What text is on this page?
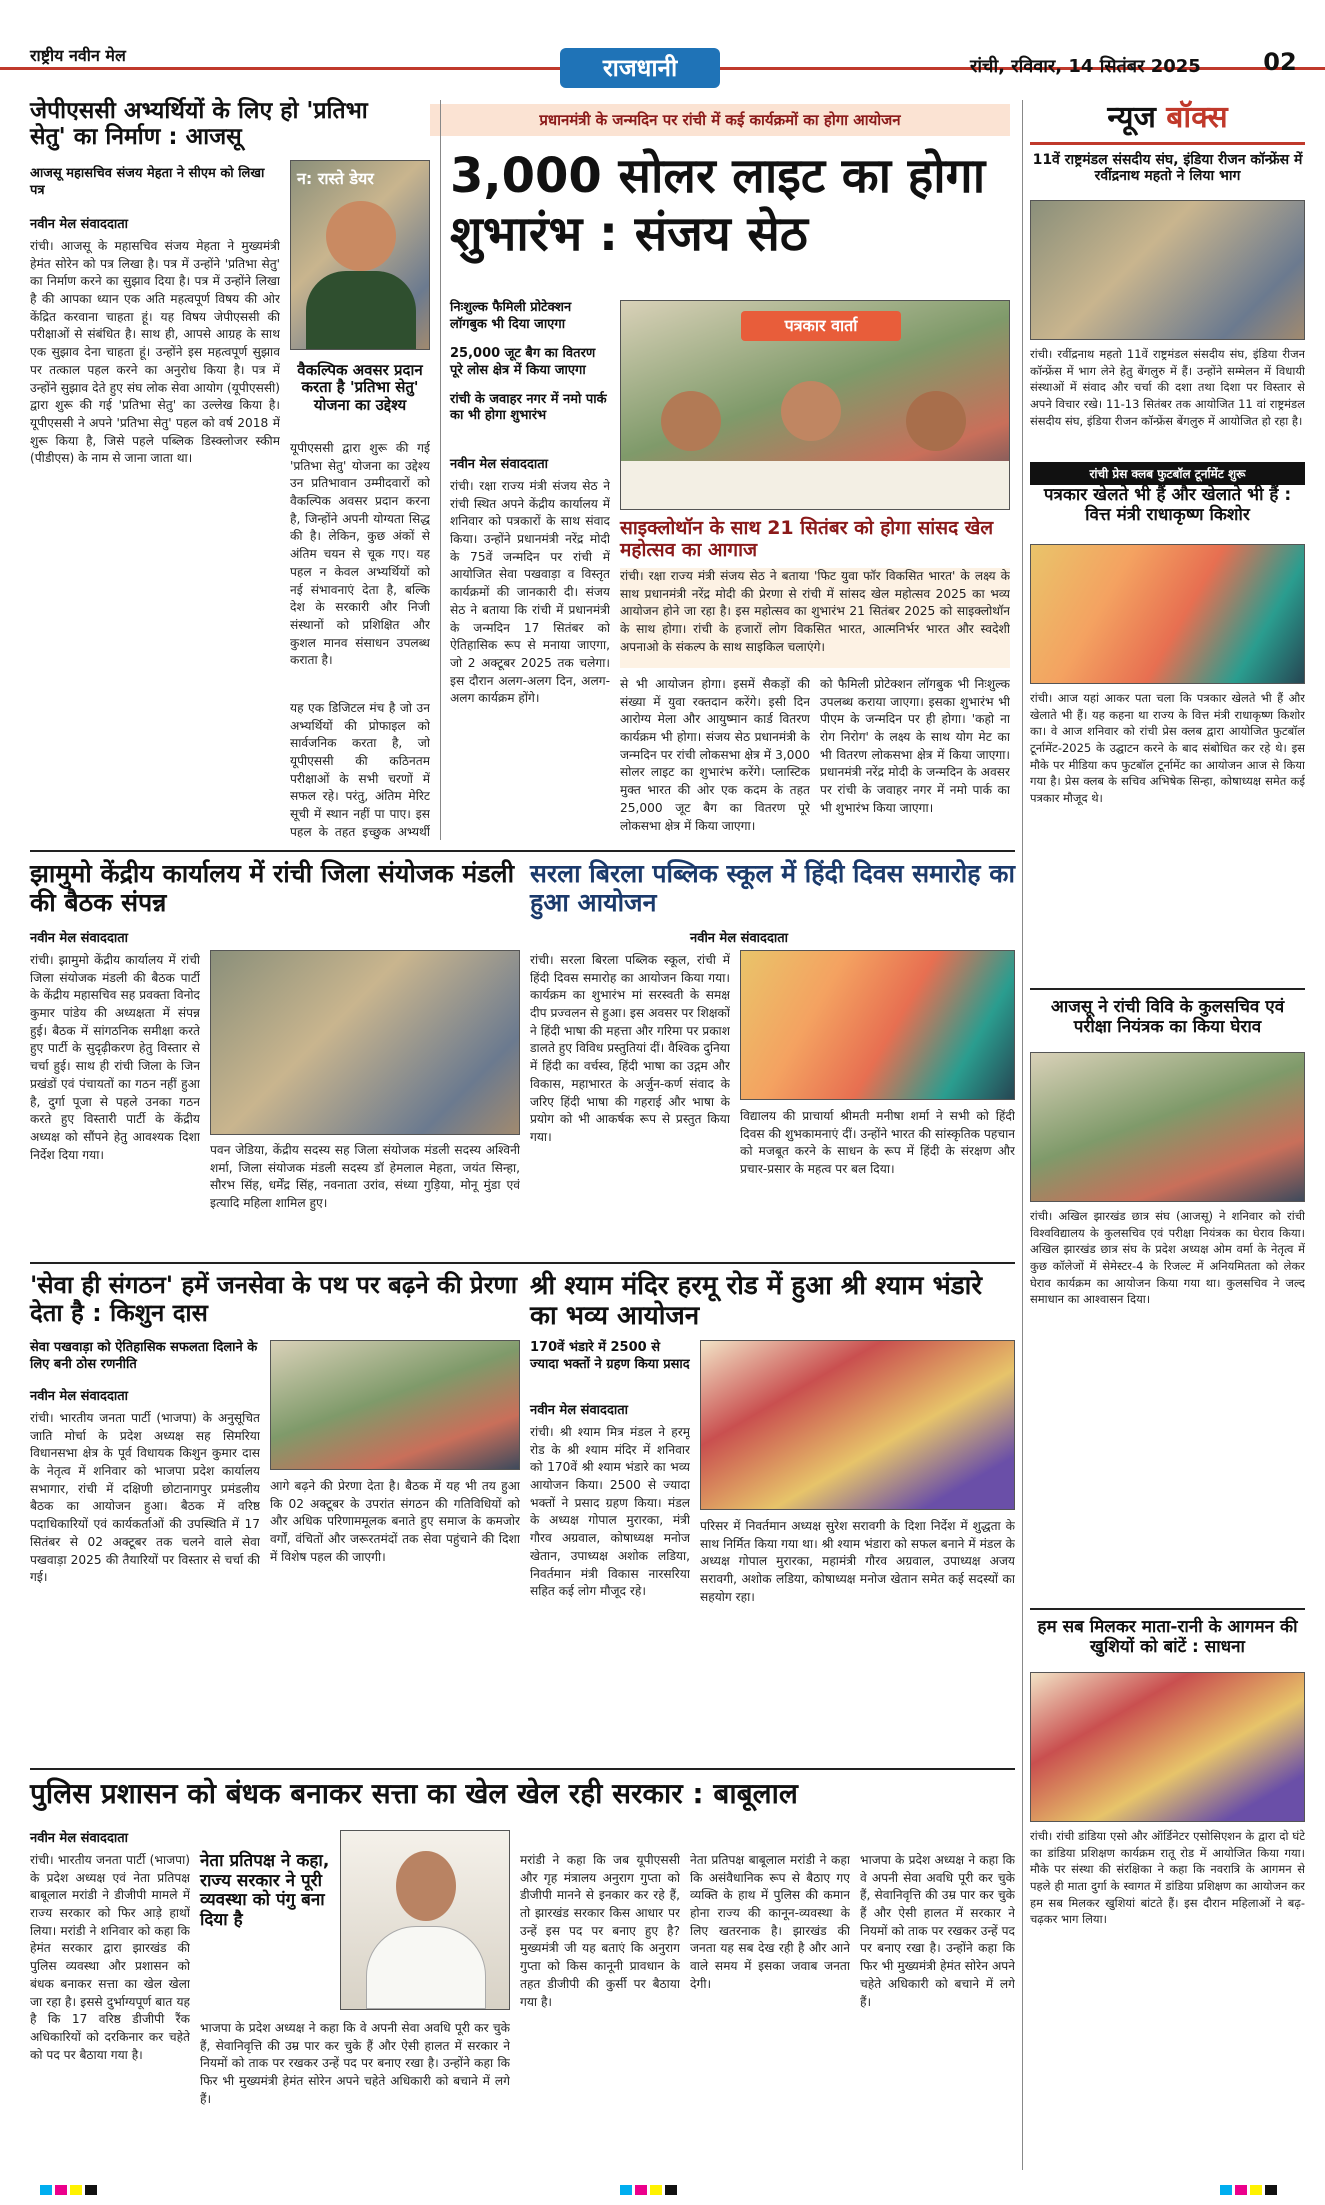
राष्ट्रीय नवीन मेल	राजधानी	रांची, रविवार, 14 सितंबर 2025	02
प्रधानमंत्री के जन्मदिन पर रांची में कई कार्यक्रमों का होगा आयोजन
जेपीएससी अभ्यर्थियों के लिए हो 'प्रतिभा सेतु' का निर्माण : आजसू
आजसू महासचिव संजय मेहता ने सीएम को लिखा पत्र
नवीन मेल संवाददाता
न: रास्ते डेयर
रांची। आजसू के महासचिव संजय मेहता ने मुख्यमंत्री हेमंत सोरेन को पत्र लिखा है। पत्र में उन्होंने 'प्रतिभा सेतु' का निर्माण करने का सुझाव दिया है। पत्र में उन्होंने लिखा है की आपका ध्यान एक अति महत्वपूर्ण विषय की ओर केंद्रित करवाना चाहता हूं। यह विषय जेपीएससी की परीक्षाओं से संबंधित है। साथ ही, आपसे आग्रह के साथ एक सुझाव देना चाहता हूं। उन्होंने इस महत्वपूर्ण सुझाव पर तत्काल पहल करने का अनुरोध किया है। पत्र में उन्होंने सुझाव देते हुए संघ लोक सेवा आयोग (यूपीएससी) द्वारा शुरू की गई 'प्रतिभा सेतु' का उल्लेख किया है। यूपीएससी ने अपने 'प्रतिभा सेतु' पहल को वर्ष 2018 में शुरू किया है, जिसे पहले पब्लिक डिस्क्लोजर स्कीम (पीडीएस) के नाम से जाना जाता था।
वैकल्पिक अवसर प्रदान करता है 'प्रतिभा सेतु' योजना का उद्देश्य
यूपीएससी द्वारा शुरू की गई 'प्रतिभा सेतु' योजना का उद्देश्य उन प्रतिभावान उम्मीदवारों को वैकल्पिक अवसर प्रदान करना है, जिन्होंने अपनी योग्यता सिद्ध की है। लेकिन, कुछ अंकों से अंतिम चयन से चूक गए। यह पहल न केवल अभ्यर्थियों को नई संभावनाएं देता है, बल्कि देश के सरकारी और निजी संस्थानों को प्रशिक्षित और कुशल मानव संसाधन उपलब्ध कराता है।
यह एक डिजिटल मंच है जो उन अभ्यर्थियों की प्रोफाइल को सार्वजनिक करता है, जो यूपीएससी की कठिनतम परीक्षाओं के सभी चरणों में सफल रहे। परंतु, अंतिम मेरिट सूची में स्थान नहीं पा पाए। इस पहल के तहत इच्छुक अभ्यर्थी
3,000 सोलर लाइट का होगा शुभारंभ : संजय सेठ
निःशुल्क फैमिली प्रोटेक्शन लॉगबुक भी दिया जाएगा
25,000 जूट बैग का वितरण पूरे लोस क्षेत्र में किया जाएगा
रांची के जवाहर नगर में नमो पार्क का भी होगा शुभारंभ
नवीन मेल संवाददाता
रांची। रक्षा राज्य मंत्री संजय सेठ ने रांची स्थित अपने केंद्रीय कार्यालय में शनिवार को पत्रकारों के साथ संवाद किया। उन्होंने प्रधानमंत्री नरेंद्र मोदी के 75वें जन्मदिन पर रांची में आयोजित सेवा पखवाड़ा व विस्तृत कार्यक्रमों की जानकारी दी। संजय सेठ ने बताया कि रांची में प्रधानमंत्री के जन्मदिन 17 सितंबर को ऐतिहासिक रूप से मनाया जाएगा, जो 2 अक्टूबर 2025 तक चलेगा। इस दौरान अलग-अलग दिन, अलग-अलग कार्यक्रम होंगे।
पत्रकार वार्ता
साइक्लोथॉन के साथ 21 सितंबर को होगा सांसद खेल महोत्सव का आगाज
रांची। रक्षा राज्य मंत्री संजय सेठ ने बताया 'फिट युवा फॉर विकसित भारत' के लक्ष्य के साथ प्रधानमंत्री नरेंद्र मोदी की प्रेरणा से रांची में सांसद खेल महोत्सव 2025 का भव्य आयोजन होने जा रहा है। इस महोत्सव का शुभारंभ 21 सितंबर 2025 को साइक्लोथॉन के साथ होगा। रांची के हजारों लोग विकसित भारत, आत्मनिर्भर भारत और स्वदेशी अपनाओ के संकल्प के साथ साइकिल चलाएंगे।
से भी आयोजन होगा। इसमें सैकड़ों की संख्या में युवा रक्तदान करेंगे। इसी दिन आरोग्य मेला और आयुष्मान कार्ड वितरण कार्यक्रम भी होगा। संजय सेठ प्रधानमंत्री के जन्मदिन पर रांची लोकसभा क्षेत्र में 3,000 सोलर लाइट का शुभारंभ करेंगे। प्लास्टिक मुक्त भारत की ओर एक कदम के तहत 25,000 जूट बैग का वितरण पूरे लोकसभा क्षेत्र में किया जाएगा।
को फैमिली प्रोटेक्शन लॉगबुक भी निःशुल्क उपलब्ध कराया जाएगा। इसका शुभारंभ भी पीएम के जन्मदिन पर ही होगा। 'कहो ना रोग निरोग' के लक्ष्य के साथ योग मेट का भी वितरण लोकसभा क्षेत्र में किया जाएगा। प्रधानमंत्री नरेंद्र मोदी के जन्मदिन के अवसर पर रांची के जवाहर नगर में नमो पार्क का भी शुभारंभ किया जाएगा।
झामुमो केंद्रीय कार्यालय में रांची जिला संयोजक मंडली की बैठक संपन्न
नवीन मेल संवाददाता
रांची। झामुमो केंद्रीय कार्यालय में रांची जिला संयोजक मंडली की बैठक पार्टी के केंद्रीय महासचिव सह प्रवक्ता विनोद कुमार पांडेय की अध्यक्षता में संपन्न हुई। बैठक में सांगठनिक समीक्षा करते हुए पार्टी के सुदृढ़ीकरण हेतु विस्तार से चर्चा हुई। साथ ही रांची जिला के जिन प्रखंडों एवं पंचायतों का गठन नहीं हुआ है, दुर्गा पूजा से पहले उनका गठन करते हुए विस्तारी पार्टी के केंद्रीय अध्यक्ष को सौंपने हेतु आवश्यक दिशा निर्देश दिया गया।	पवन जेडिया, केंद्रीय सदस्य सह जिला संयोजक मंडली सदस्य अश्विनी शर्मा, जिला संयोजक मंडली सदस्य डॉ हेमलाल मेहता, जयंत सिन्हा, सौरभ सिंह, धर्मेंद्र सिंह, नवनाता उरांव, संध्या गुड़िया, मोनू मुंडा एवं इत्यादि महिला शामिल हुए।
सरला बिरला पब्लिक स्कूल में हिंदी दिवस समारोह का हुआ आयोजन
नवीन मेल संवाददाता
रांची। सरला बिरला पब्लिक स्कूल, रांची में हिंदी दिवस समारोह का आयोजन किया गया। कार्यक्रम का शुभारंभ मां सरस्वती के समक्ष दीप प्रज्वलन से हुआ। इस अवसर पर शिक्षकों ने हिंदी भाषा की महत्ता और गरिमा पर प्रकाश डालते हुए विविध प्रस्तुतियां दीं। वैश्विक दुनिया में हिंदी का वर्चस्व, हिंदी भाषा का उद्गम और विकास, महाभारत के अर्जुन-कर्ण संवाद के जरिए हिंदी भाषा की गहराई और भाषा के प्रयोग को भी आकर्षक रूप से प्रस्तुत किया गया।
विद्यालय की प्राचार्या श्रीमती मनीषा शर्मा ने सभी को हिंदी दिवस की शुभकामनाएं दीं। उन्होंने भारत की सांस्कृतिक पहचान को मजबूत करने के साधन के रूप में हिंदी के संरक्षण और प्रचार-प्रसार के महत्व पर बल दिया।
'सेवा ही संगठन' हमें जनसेवा के पथ पर बढ़ने की प्रेरणा देता है : किशुन दास
सेवा पखवाड़ा को ऐतिहासिक सफलता दिलाने के लिए बनी ठोस रणनीति
नवीन मेल संवाददाता
रांची। भारतीय जनता पार्टी (भाजपा) के अनुसूचित जाति मोर्चा के प्रदेश अध्यक्ष सह सिमरिया विधानसभा क्षेत्र के पूर्व विधायक किशुन कुमार दास के नेतृत्व में शनिवार को भाजपा प्रदेश कार्यालय सभागार, रांची में दक्षिणी छोटानागपुर प्रमंडलीय बैठक का आयोजन हुआ। बैठक में वरिष्ठ पदाधिकारियों एवं कार्यकर्ताओं की उपस्थिति में 17 सितंबर से 02 अक्टूबर तक चलने वाले सेवा पखवाड़ा 2025 की तैयारियों पर विस्तार से चर्चा की गई।
आगे बढ़ने की प्रेरणा देता है। बैठक में यह भी तय हुआ कि 02 अक्टूबर के उपरांत संगठन की गतिविधियों को और अधिक परिणाममूलक बनाते हुए समाज के कमजोर वर्गों, वंचितों और जरूरतमंदों तक सेवा पहुंचाने की दिशा में विशेष पहल की जाएगी।
श्री श्याम मंदिर हरमू रोड में हुआ श्री श्याम भंडारे का भव्य आयोजन
170वें भंडारे में 2500 से ज्यादा भक्तों ने ग्रहण किया प्रसाद
नवीन मेल संवाददाता
रांची। श्री श्याम मित्र मंडल ने हरमू रोड के श्री श्याम मंदिर में शनिवार को 170वें श्री श्याम भंडारे का भव्य आयोजन किया। 2500 से ज्यादा भक्तों ने प्रसाद ग्रहण किया। मंडल के अध्यक्ष गोपाल मुरारका, मंत्री गौरव अग्रवाल, कोषाध्यक्ष मनोज खेतान, उपाध्यक्ष अशोक लडिया, निवर्तमान मंत्री विकास नारसरिया सहित कई लोग मौजूद रहे।
परिसर में निवर्तमान अध्यक्ष सुरेश सरावगी के दिशा निर्देश में शुद्धता के साथ निर्मित किया गया था। श्री श्याम भंडारा को सफल बनाने में मंडल के अध्यक्ष गोपाल मुरारका, महामंत्री गौरव अग्रवाल, उपाध्यक्ष अजय सरावगी, अशोक लडिया, कोषाध्यक्ष मनोज खेतान समेत कई सदस्यों का सहयोग रहा।
पुलिस प्रशासन को बंधक बनाकर सत्ता का खेल खेल रही सरकार : बाबूलाल
नवीन मेल संवाददाता
रांची। भारतीय जनता पार्टी (भाजपा) के प्रदेश अध्यक्ष एवं नेता प्रतिपक्ष बाबूलाल मरांडी ने डीजीपी मामले में राज्य सरकार को फिर आड़े हाथों लिया। मरांडी ने शनिवार को कहा कि हेमंत सरकार द्वारा झारखंड की पुलिस व्यवस्था और प्रशासन को बंधक बनाकर सत्ता का खेल खेला जा रहा है। इससे दुर्भाग्यपूर्ण बात यह है कि 17 वरिष्ठ डीजीपी रैंक अधिकारियों को दरकिनार कर चहेते को पद पर बैठाया गया है।
नेता प्रतिपक्ष ने कहा, राज्य सरकार ने पूरी व्यवस्था को पंगु बना दिया है
भाजपा के प्रदेश अध्यक्ष ने कहा कि वे अपनी सेवा अवधि पूरी कर चुके हैं, सेवानिवृत्ति की उम्र पार कर चुके हैं और ऐसी हालत में सरकार ने नियमों को ताक पर रखकर उन्हें पद पर बनाए रखा है। उन्होंने कहा कि फिर भी मुख्यमंत्री हेमंत सोरेन अपने चहेते अधिकारी को बचाने में लगे हैं।
मरांडी ने कहा कि जब यूपीएससी और गृह मंत्रालय अनुराग गुप्ता को डीजीपी मानने से इनकार कर रहे हैं, तो झारखंड सरकार किस आधार पर उन्हें इस पद पर बनाए हुए है? मुख्यमंत्री जी यह बताएं कि अनुराग गुप्ता को किस कानूनी प्रावधान के तहत डीजीपी की कुर्सी पर बैठाया गया है।
नेता प्रतिपक्ष बाबूलाल मरांडी ने कहा कि असंवैधानिक रूप से बैठाए गए व्यक्ति के हाथ में पुलिस की कमान होना राज्य की कानून-व्यवस्था के लिए खतरनाक है। झारखंड की जनता यह सब देख रही है और आने वाले समय में इसका जवाब जनता देगी।
भाजपा के प्रदेश अध्यक्ष ने कहा कि वे अपनी सेवा अवधि पूरी कर चुके हैं, सेवानिवृत्ति की उम्र पार कर चुके हैं और ऐसी हालत में सरकार ने नियमों को ताक पर रखकर उन्हें पद पर बनाए रखा है। उन्होंने कहा कि फिर भी मुख्यमंत्री हेमंत सोरेन अपने चहेते अधिकारी को बचाने में लगे हैं।
न्यूज बॉक्स
11वें राष्ट्रमंडल संसदीय संघ, इंडिया रीजन कॉन्फ्रेंस में रवींद्रनाथ महतो ने लिया भाग
रांची। रवींद्रनाथ महतो 11वें राष्ट्रमंडल संसदीय संघ, इंडिया रीजन कॉन्फ्रेंस में भाग लेने हेतु बेंगलुरु में हैं। उन्होंने सम्मेलन में विधायी संस्थाओं में संवाद और चर्चा की दशा तथा दिशा पर विस्तार से अपने विचार रखे। 11-13 सितंबर तक आयोजित 11 वां राष्ट्रमंडल संसदीय संघ, इंडिया रीजन कॉन्फ्रेंस बेंगलुरु में आयोजित हो रहा है।
रांची प्रेस क्लब फुटबॉल टूर्नामेंट शुरू
पत्रकार खेलते भी हैं और खेलाते भी हैं : वित्त मंत्री राधाकृष्ण किशोर
रांची। आज यहां आकर पता चला कि पत्रकार खेलते भी हैं और खेलाते भी हैं। यह कहना था राज्य के वित्त मंत्री राधाकृष्ण किशोर का। वे आज शनिवार को रांची प्रेस क्लब द्वारा आयोजित फुटबॉल टूर्नामेंट-2025 के उद्घाटन करने के बाद संबोधित कर रहे थे। इस मौके पर मीडिया कप फुटबॉल टूर्नामेंट का आयोजन आज से किया गया है। प्रेस क्लब के सचिव अभिषेक सिन्हा, कोषाध्यक्ष समेत कई पत्रकार मौजूद थे।
आजसू ने रांची विवि के कुलसचिव एवं परीक्षा नियंत्रक का किया घेराव
रांची। अखिल झारखंड छात्र संघ (आजसू) ने शनिवार को रांची विश्वविद्यालय के कुलसचिव एवं परीक्षा नियंत्रक का घेराव किया। अखिल झारखंड छात्र संघ के प्रदेश अध्यक्ष ओम वर्मा के नेतृत्व में कुछ कॉलेजों में सेमेस्टर-4 के रिजल्ट में अनियमितता को लेकर घेराव कार्यक्रम का आयोजन किया गया था। कुलसचिव ने जल्द समाधान का आश्वासन दिया।
हम सब मिलकर माता-रानी के आगमन की खुशियों को बांटें : साधना
रांची। रांची डांडिया एसो और ऑर्डिनेटर एसोसिएशन के द्वारा दो घंटे का डांडिया प्रशिक्षण कार्यक्रम रातू रोड में आयोजित किया गया। मौके पर संस्था की संरक्षिका ने कहा कि नवरात्रि के आगमन से पहले ही माता दुर्गा के स्वागत में डांडिया प्रशिक्षण का आयोजन कर हम सब मिलकर खुशियां बांटते हैं। इस दौरान महिलाओं ने बढ़-चढ़कर भाग लिया।
